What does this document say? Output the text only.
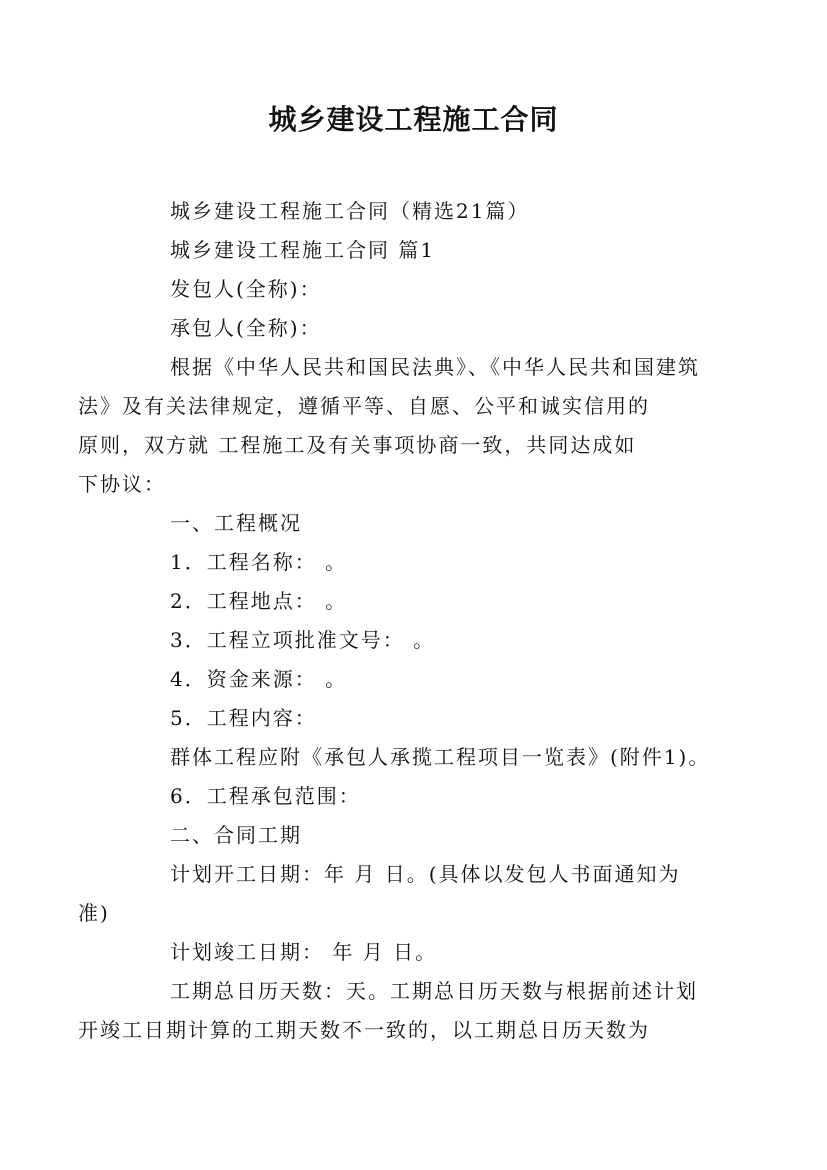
城乡建设工程施工合同

城乡建设工程施工合同（精选21篇）

城乡建设工程施工合同 篇1

发包人(全称)：

承包人(全称)：

根据《中华人民共和国民法典》、《中华人民共和国建筑
法》及有关法律规定，遵循平等、自愿、公平和诚实信用的
原则，双方就 工程施工及有关事项协商一致，共同达成如
下协议：

一、工程概况

1．工程名称： 。

2．工程地点： 。

3．工程立项批准文号： 。

4．资金来源： 。

5．工程内容：

群体工程应附《承包人承揽工程项目一览表》(附件1)。

6．工程承包范围：

二、合同工期

计划开工日期：年 月 日。(具体以发包人书面通知为
准)

计划竣工日期： 年 月 日。

工期总日历天数：天。工期总日历天数与根据前述计划
开竣工日期计算的工期天数不一致的，以工期总日历天数为
